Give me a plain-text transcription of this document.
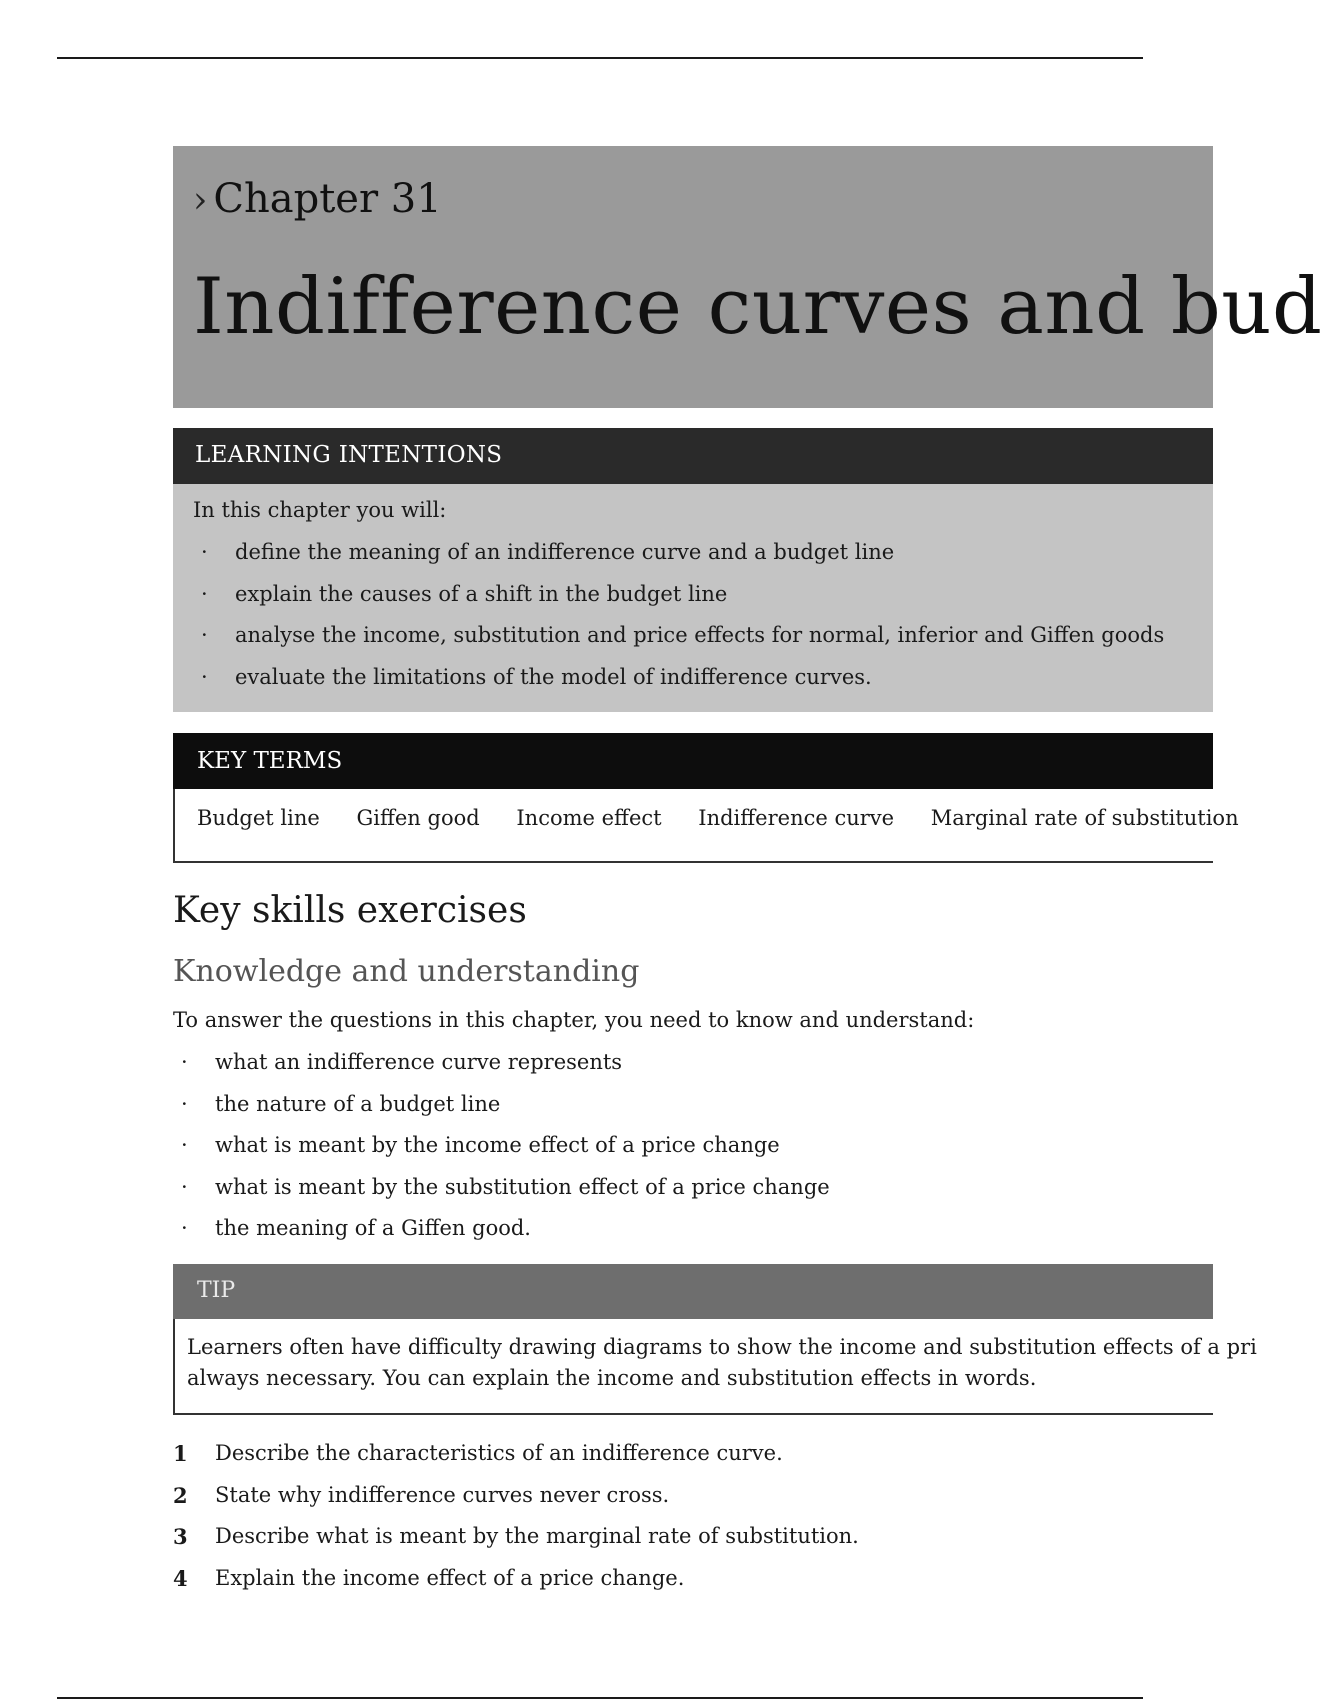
› Chapter 31
Indifference curves and bud
LEARNING INTENTIONS
In this chapter you will:
· define the meaning of an indifference curve and a budget line
· explain the causes of a shift in the budget line
· analyse the income, substitution and price effects for normal, inferior and Giffen goods
· evaluate the limitations of the model of indifference curves.
KEY TERMS
Budget line Giffen good Income effect Indifference curve Marginal rate of substitution
Key skills exercises
Knowledge and understanding
To answer the questions in this chapter, you need to know and understand:
· what an indifference curve represents
· the nature of a budget line
· what is meant by the income effect of a price change
· what is meant by the substitution effect of a price change
· the meaning of a Giffen good.
TIP
Learners often have difficulty drawing diagrams to show the income and substitution effects of a pri
always necessary. You can explain the income and substitution effects in words.
1 Describe the characteristics of an indifference curve.
2 State why indifference curves never cross.
3 Describe what is meant by the marginal rate of substitution.
4 Explain the income effect of a price change.
